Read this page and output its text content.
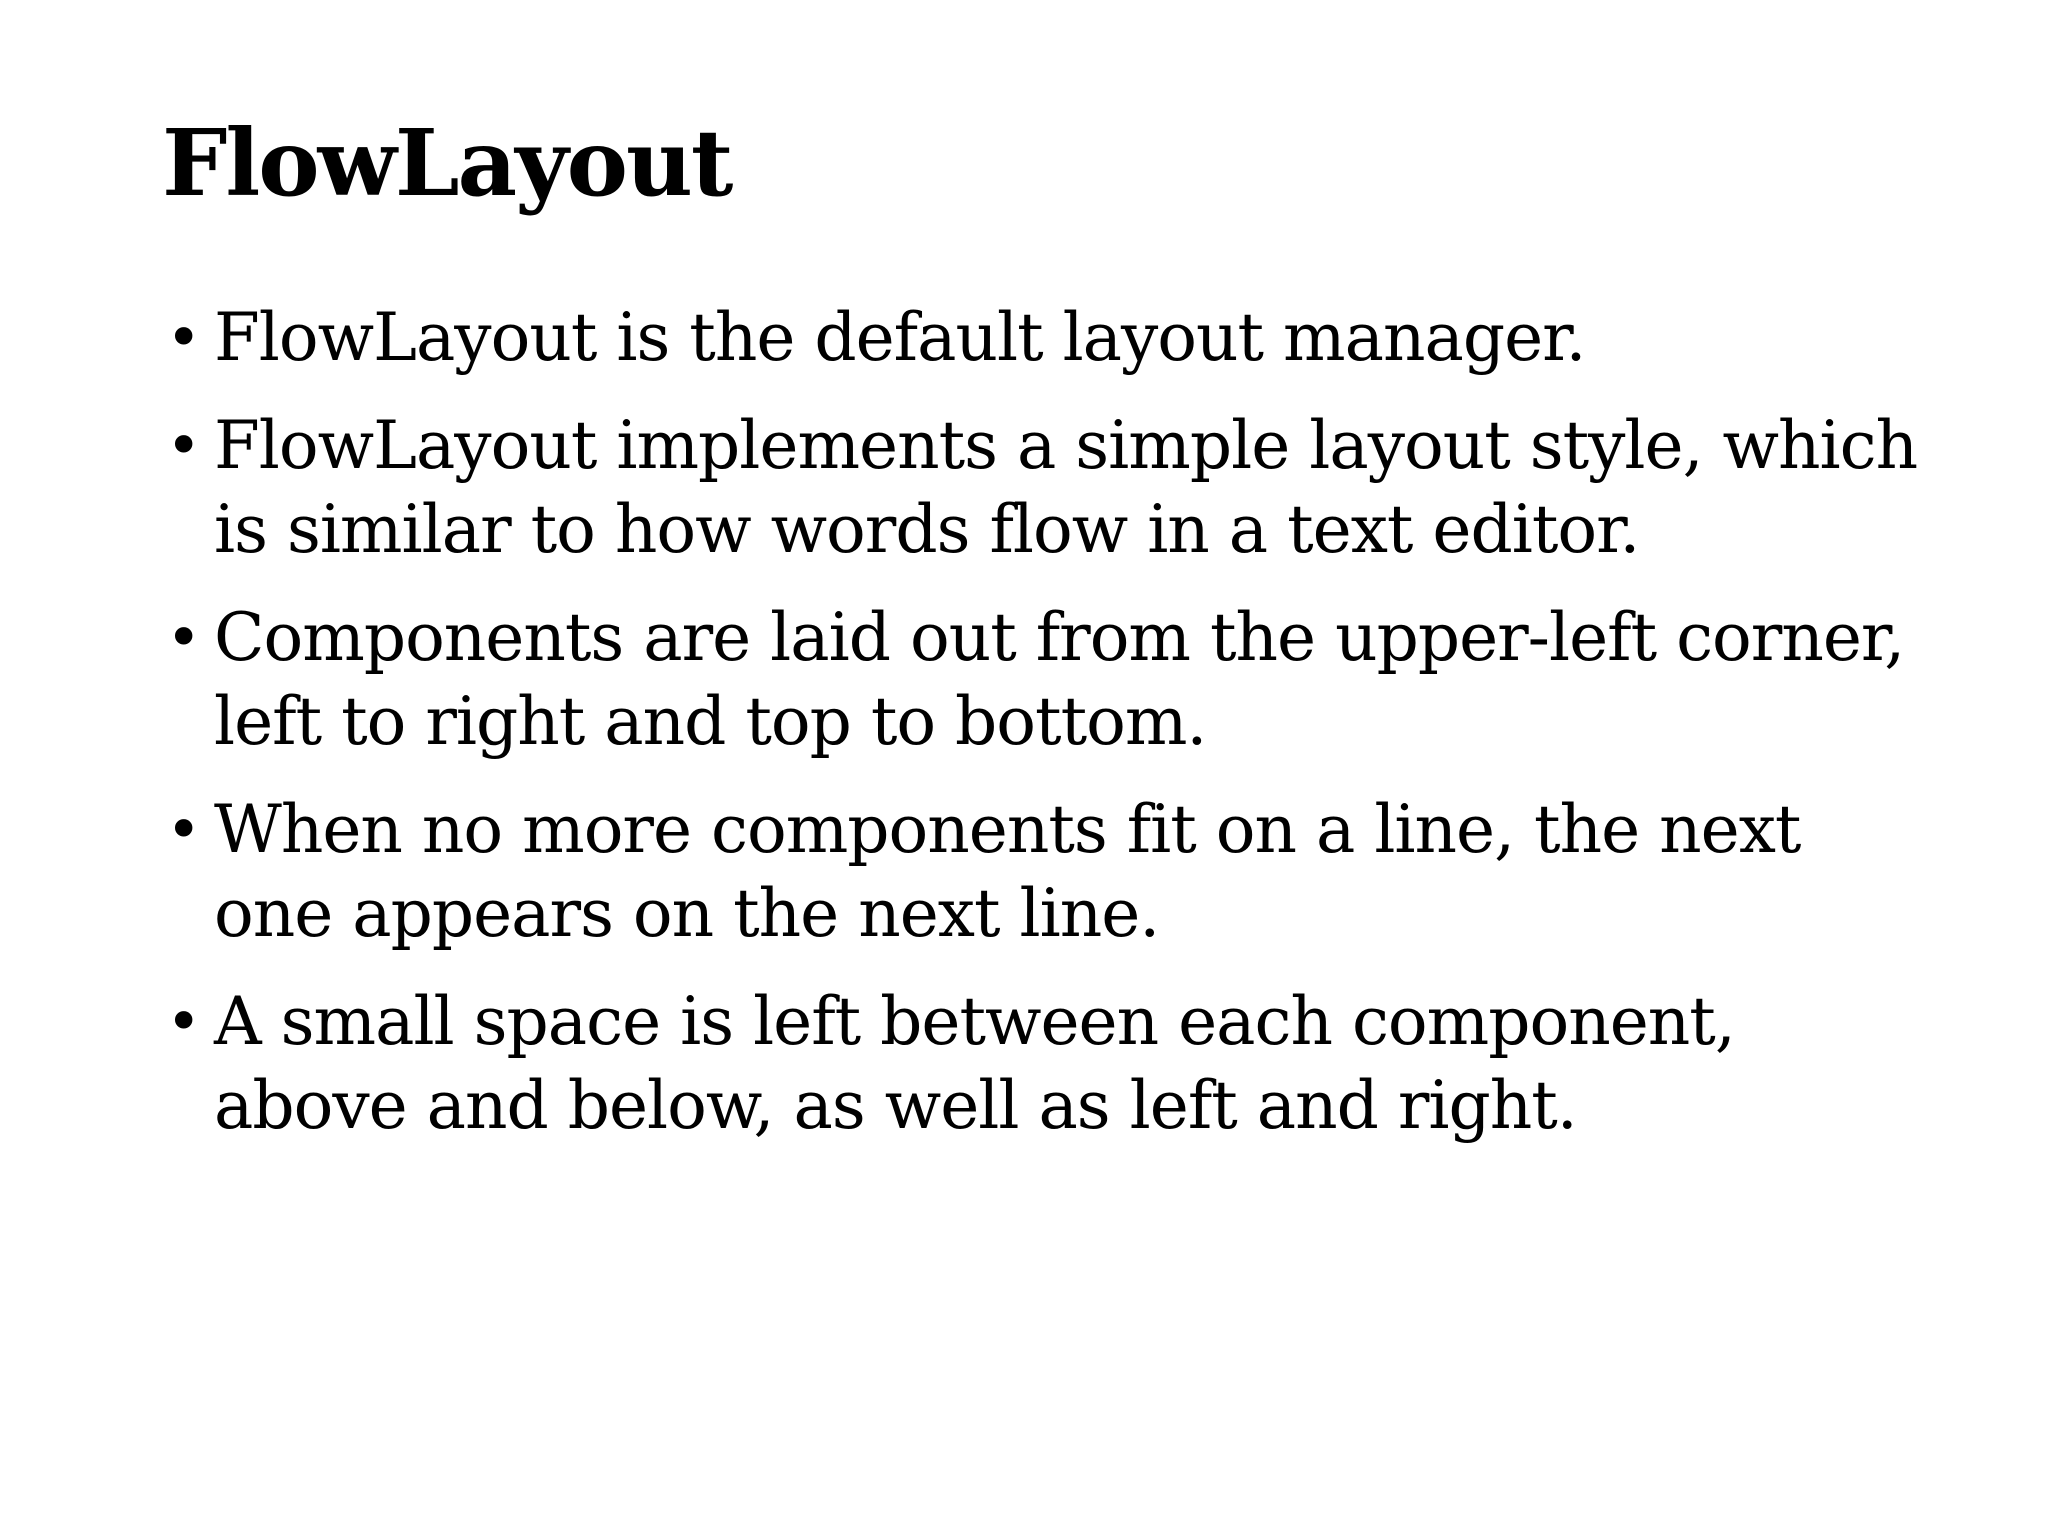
FlowLayout
• FlowLayout is the default layout manager.
• FlowLayout implements a simple layout style, which is similar to how words flow in a text editor.
• Components are laid out from the upper-left corner, left to right and top to bottom.
• When no more components fit on a line, the next one appears on the next line.
• A small space is left between each component, above and below, as well as left and right.
